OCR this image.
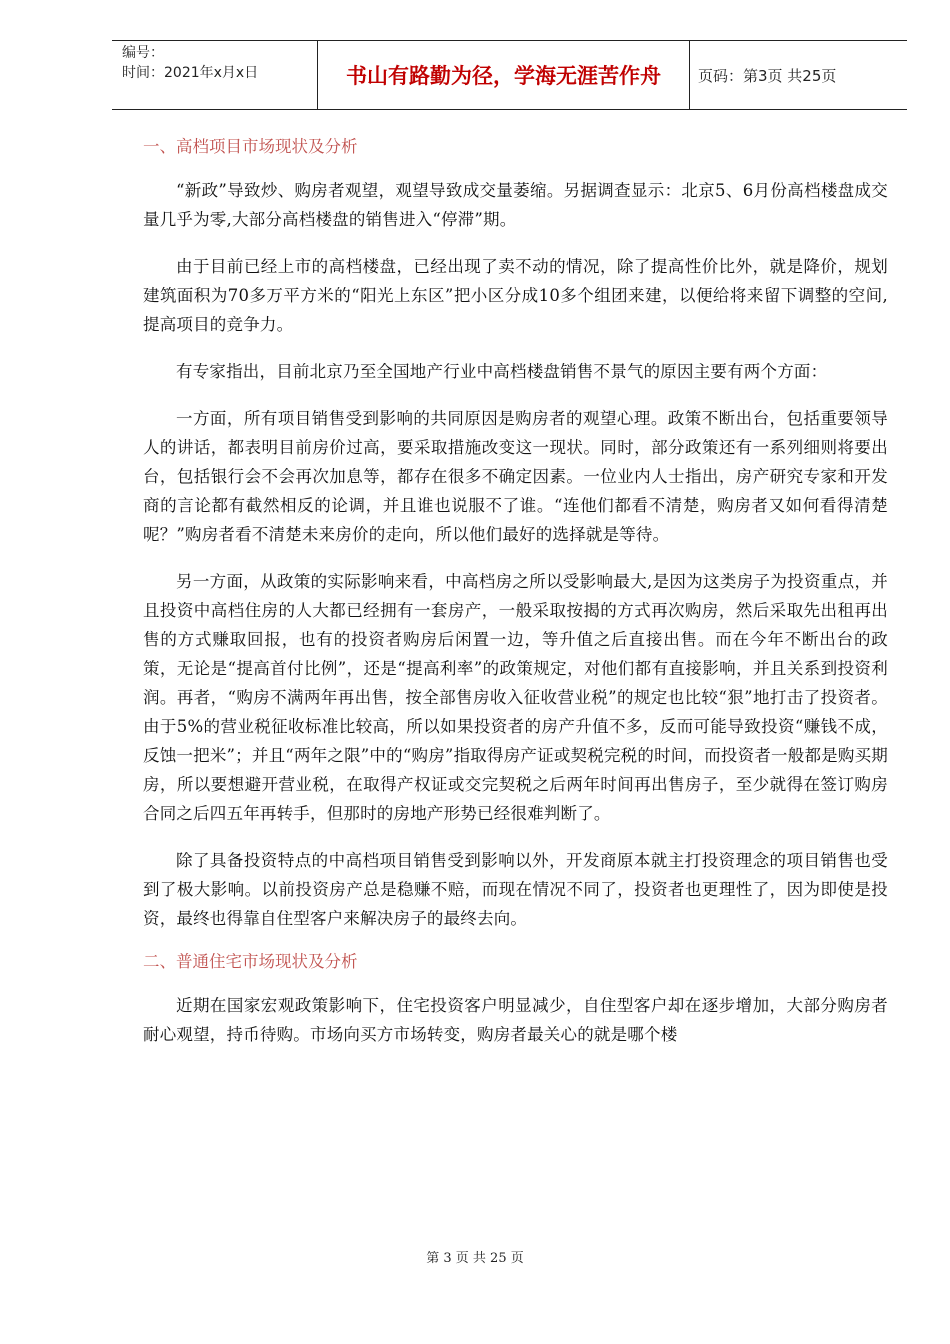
编号：
时间：2021年x月x日	书山有路勤为径，学海无涯苦作舟	页码：第3页 共25页

一、高档项目市场现状及分析

“新政”导致炒、购房者观望，观望导致成交量萎缩。另据调查显示：北京5、6月份高档楼盘成交量几乎为零,大部分高档楼盘的销售进入“停滞”期。

由于目前已经上市的高档楼盘，已经出现了卖不动的情况，除了提高性价比外，就是降价，规划建筑面积为70多万平方米的“阳光上东区”把小区分成10多个组团来建，以便给将来留下调整的空间,提高项目的竞争力。

有专家指出，目前北京乃至全国地产行业中高档楼盘销售不景气的原因主要有两个方面：

一方面，所有项目销售受到影响的共同原因是购房者的观望心理。政策不断出台，包括重要领导人的讲话，都表明目前房价过高，要采取措施改变这一现状。同时，部分政策还有一系列细则将要出台，包括银行会不会再次加息等，都存在很多不确定因素。一位业内人士指出，房产研究专家和开发商的言论都有截然相反的论调，并且谁也说服不了谁。“连他们都看不清楚，购房者又如何看得清楚呢？”购房者看不清楚未来房价的走向，所以他们最好的选择就是等待。

另一方面，从政策的实际影响来看，中高档房之所以受影响最大,是因为这类房子为投资重点，并且投资中高档住房的人大都已经拥有一套房产，一般采取按揭的方式再次购房，然后采取先出租再出售的方式赚取回报，也有的投资者购房后闲置一边，等升值之后直接出售。而在今年不断出台的政策，无论是“提高首付比例”，还是“提高利率”的政策规定，对他们都有直接影响，并且关系到投资利润。再者，“购房不满两年再出售，按全部售房收入征收营业税”的规定也比较“狠”地打击了投资者。由于5%的营业税征收标准比较高，所以如果投资者的房产升值不多，反而可能导致投资“赚钱不成，反蚀一把米”；并且“两年之限”中的“购房”指取得房产证或契税完税的时间，而投资者一般都是购买期房，所以要想避开营业税，在取得产权证或交完契税之后两年时间再出售房子，至少就得在签订购房合同之后四五年再转手，但那时的房地产形势已经很难判断了。

除了具备投资特点的中高档项目销售受到影响以外，开发商原本就主打投资理念的项目销售也受到了极大影响。以前投资房产总是稳赚不赔，而现在情况不同了，投资者也更理性了，因为即使是投资，最终也得靠自住型客户来解决房子的最终去向。

二、普通住宅市场现状及分析

近期在国家宏观政策影响下，住宅投资客户明显减少，自住型客户却在逐步增加，大部分购房者耐心观望，持币待购。市场向买方市场转变，购房者最关心的就是哪个楼

第 3 页 共 25 页
